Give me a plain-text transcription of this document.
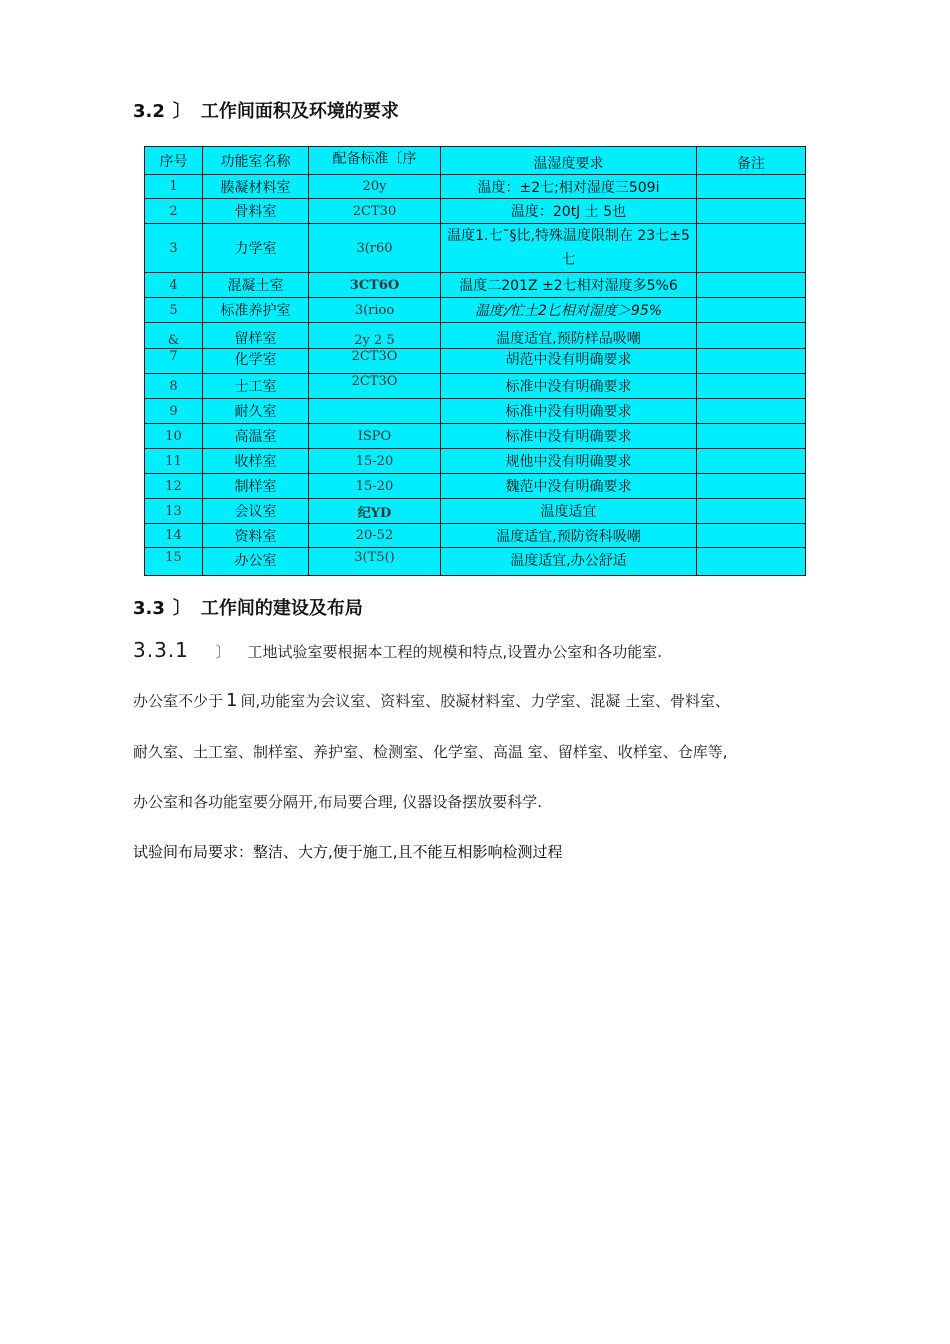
3.2 〕 工作间面积及环境的要求
序号	功能室名称	配备标准〔序	温湿度要求	备注
1	腠凝材料室	20y	温度：±2七;相对湿度三509i	
2	骨料室	2CT30	温度：20tJ 土 5也	
3	力学室	3(r60	温度1.七˜§比,特殊温度限制在 23七±5七	
4	混凝土室	3CT6O	温度二201Z ±2七相对湿度多5%6	
5	标准养护室	3(rioo	温度;⁄忙土2匕相对湿度＞95%	
&	留样室	2y 2 5	温度适宜,预防样品吸嘲	
7	化学室	2CT3O	胡范中没有明确要求	
8	士工室	2CT3O	标准中没有明确要求	
9	耐久室		标准中没有明确要求	
10	高温室	ISPO	标准中没有明确要求	
11	收样室	15-20	规他中没有明确要求	
12	制样室	15-20	魏范中没有明确要求	
13	会议室	纪YD	温度适宜	
14	资料室	20-52	温度适宜,预防资科吸嘲	
15	办公室	3(T5()	温度适宜,办公舒适	
3.3 〕 工作间的建设及布局
3.3.1 〕 工地试验室要根据本工程的规模和特点,设置办公室和各功能室.
办公室不少于 1 间,功能室为会议室、资料室、胶凝材料室、力学室、混凝 土室、骨料室、
耐久室、土工室、制样室、养护室、检测室、化学室、高温 室、留样室、收样室、仓库等,
办公室和各功能室要分隔开,布局要合理, 仪器设备摆放要科学.
试验间布局要求：整洁、大方,便于施工,且不能互相影响检测过程
